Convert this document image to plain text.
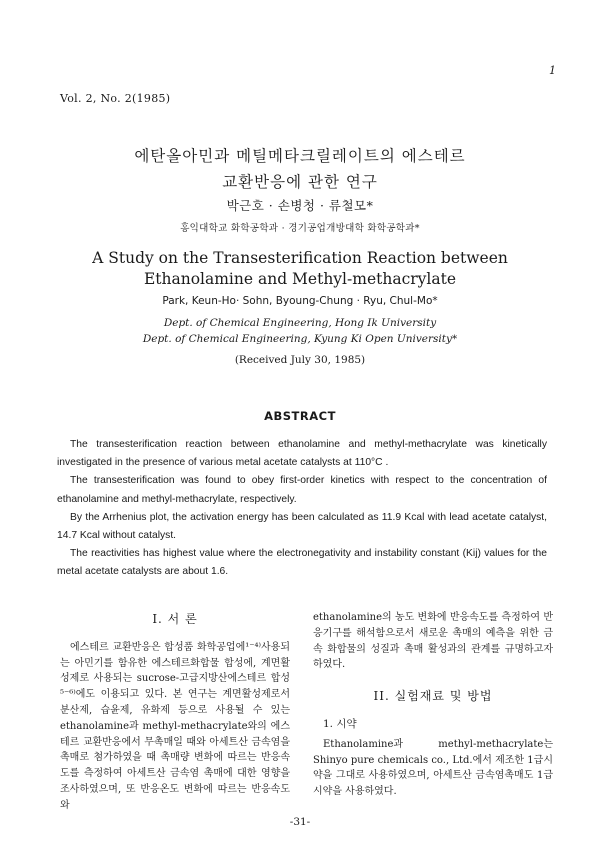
1
Vol. 2, No. 2(1985)
에탄올아민과 메틸메타크릴레이트의 에스테르
교환반응에 관한 연구
박근호 · 손병청 · 류철모*
홍익대학교 화학공학과 · 경기공업개방대학 화학공학과*
A Study on the Transesterification Reaction between
Ethanolamine and Methyl-methacrylate
Park, Keun-Ho· Sohn, Byoung-Chung · Ryu, Chul-Mo*
Dept. of Chemical Engineering, Hong Ik University
Dept. of Chemical Engineering, Kyung Ki Open University*
(Received July 30, 1985)
ABSTRACT

The transesterification reaction between ethanolamine and methyl-methacrylate was kinetically investigated in the presence of various metal acetate catalysts at 110°C .

The transesterification was found to obey first-order kinetics with respect to the concentration of ethanolamine and methyl-methacrylate, respectively.

By the Arrhenius plot, the activation energy has been calculated as 11.9 Kcal with lead acetate catalyst, 14.7 Kcal without catalyst.

The reactivities has highest value where the electronegativity and instability constant (Kij) values for the metal acetate catalysts are about 1.6.

I. 서 론

에스테르 교환반응은 합성품 화학공업에¹⁻⁴⁾사용되는 아민기를 함유한 에스테르화합물 합성에, 계면활성제로 사용되는 sucrose-고급지방산에스테르 합성⁵⁻⁶⁾에도 이용되고 있다. 본 연구는 계면활성제로서 분산제, 습윤제, 유화제 등으로 사용될 수 있는 ethanolamine과 methyl-methacrylate와의 에스테르 교환반응에서 무촉매일 때와 아세트산 금속염을 촉매로 첨가하였을 때 촉매량 변화에 따르는 반응속도를 측정하여 아세트산 금속염 촉매에 대한 영향을 조사하였으며, 또 반응온도 변화에 따르는 반응속도와

ethanolamine의 농도 변화에 반응속도를 측정하여 반응기구를 해석함으로서 새로운 촉매의 예측을 위한 금속 화합물의 성질과 촉매 활성과의 관계를 규명하고자 하였다.

II. 실험재료 및 방법
1. 시약

Ethanolamine과 methyl-methacrylate는 Shinyo pure chemicals co., Ltd.에서 제조한 1급시약을 그대로 사용하였으며, 아세트산 금속염촉매도 1급시약을 사용하였다.

-31-
